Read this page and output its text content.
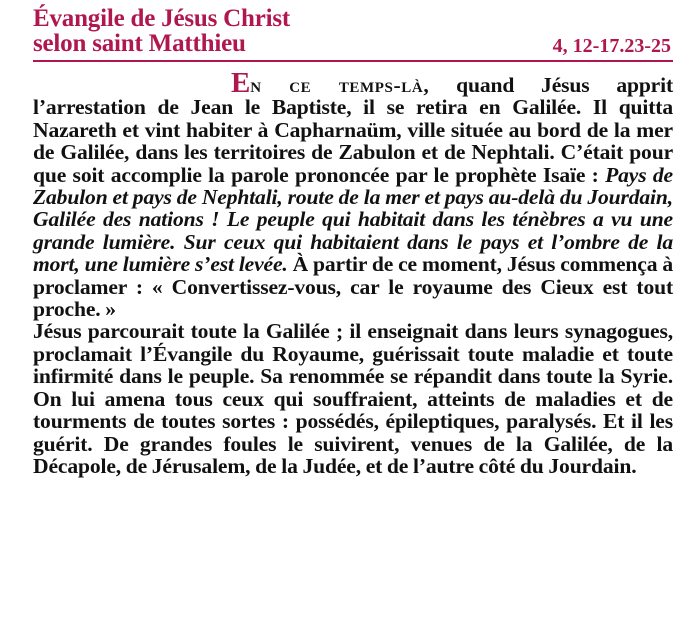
Évangile de Jésus Christ
selon saint Matthieu	4, 12-17.23-25

En ce temps-là, quand Jésus apprit l’arrestation de Jean le Baptiste, il se retira en Galilée. Il quitta Nazareth et vint habiter à Capharnaüm, ville située au bord de la mer de Galilée, dans les territoires de Zabulon et de Nephtali. C’était pour que soit accomplie la parole prononcée par le prophète Isaïe : Pays de Zabulon et pays de Nephtali, route de la mer et pays au-delà du Jourdain, Galilée des nations ! Le peuple qui habitait dans les ténèbres a vu une grande lumière. Sur ceux qui habitaient dans le pays et l’ombre de la mort, une lumière s’est levée. À partir de ce moment, Jésus commença à proclamer : « Convertissez-vous, car le royaume des Cieux est tout proche. »

Jésus parcourait toute la Galilée ; il enseignait dans leurs synagogues, proclamait l’Évangile du Royaume, guérissait toute maladie et toute infirmité dans le peuple. Sa renommée se répandit dans toute la Syrie. On lui amena tous ceux qui souffraient, atteints de maladies et de tourments de toutes sortes : possédés, épileptiques, paralysés. Et il les guérit. De grandes foules le suivirent, venues de la Galilée, de la Décapole, de Jérusalem, de la Judée, et de l’autre côté du Jourdain.
